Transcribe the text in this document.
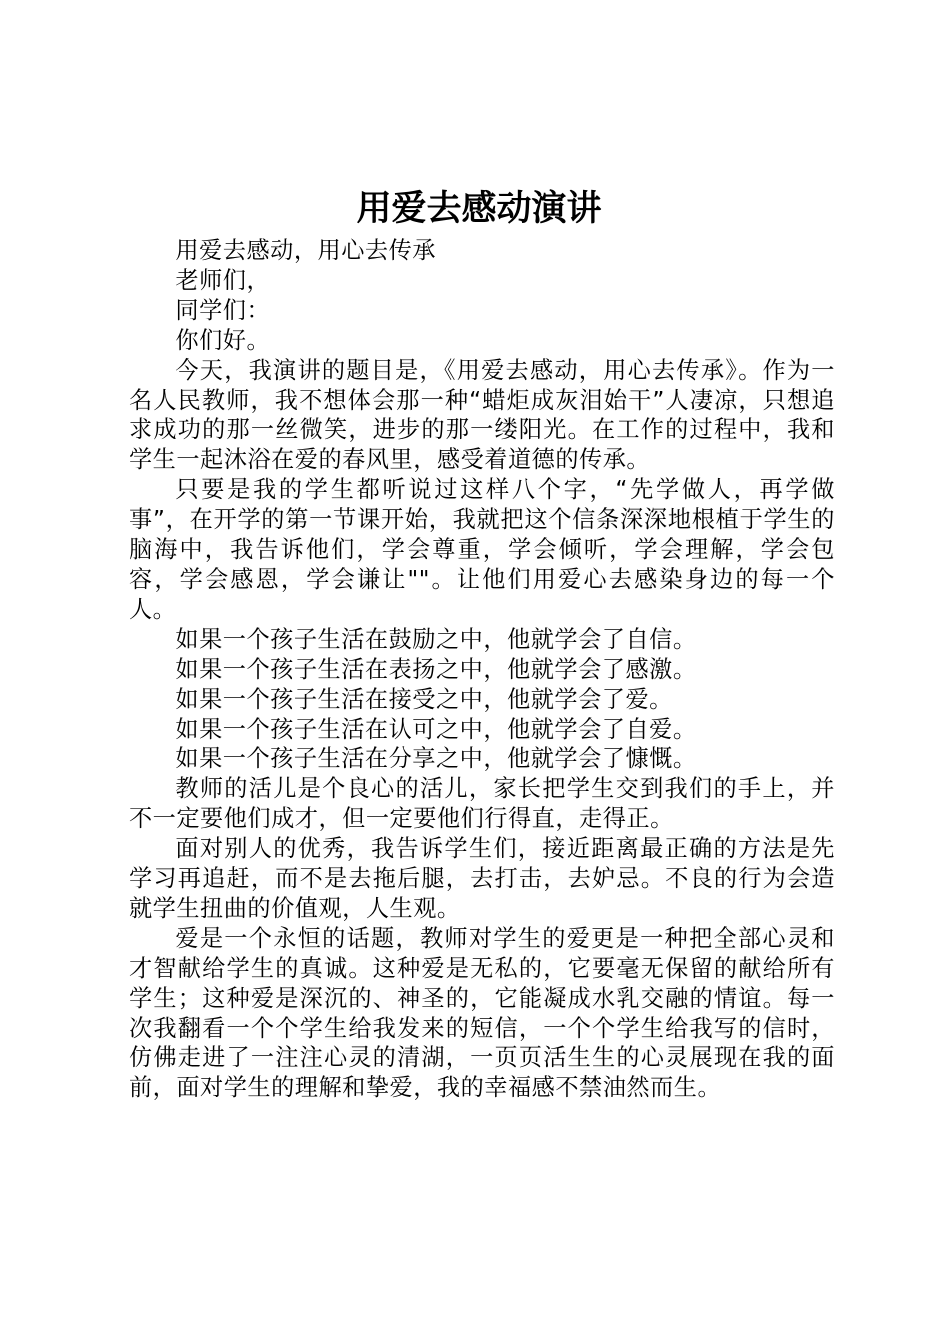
用爱去感动演讲

用爱去感动，用心去传承

老师们，

同学们：

你们好。

今天，我演讲的题目是，《用爱去感动，用心去传承》。作为一名人民教师，我不想体会那一种“蜡炬成灰泪始干”人凄凉，只想追求成功的那一丝微笑，进步的那一缕阳光。在工作的过程中，我和学生一起沐浴在爱的春风里，感受着道德的传承。

只要是我的学生都听说过这样八个字，“先学做人，再学做事”，在开学的第一节课开始，我就把这个信条深深地根植于学生的脑海中，我告诉他们，学会尊重，学会倾听，学会理解，学会包容，学会感恩，学会谦让""。让他们用爱心去感染身边的每一个人。

如果一个孩子生活在鼓励之中，他就学会了自信。

如果一个孩子生活在表扬之中，他就学会了感激。

如果一个孩子生活在接受之中，他就学会了爱。

如果一个孩子生活在认可之中，他就学会了自爱。

如果一个孩子生活在分享之中，他就学会了慷慨。

教师的活儿是个良心的活儿，家长把学生交到我们的手上，并不一定要他们成才，但一定要他们行得直，走得正。

面对别人的优秀，我告诉学生们，接近距离最正确的方法是先学习再追赶，而不是去拖后腿，去打击，去妒忌。不良的行为会造就学生扭曲的价值观，人生观。

爱是一个永恒的话题，教师对学生的爱更是一种把全部心灵和才智献给学生的真诚。这种爱是无私的，它要毫无保留的献给所有学生；这种爱是深沉的、神圣的，它能凝成水乳交融的情谊。每一次我翻看一个个学生给我发来的短信，一个个学生给我写的信时，仿佛走进了一注注心灵的清湖，一页页活生生的心灵展现在我的面前，面对学生的理解和挚爱，我的幸福感不禁油然而生。
